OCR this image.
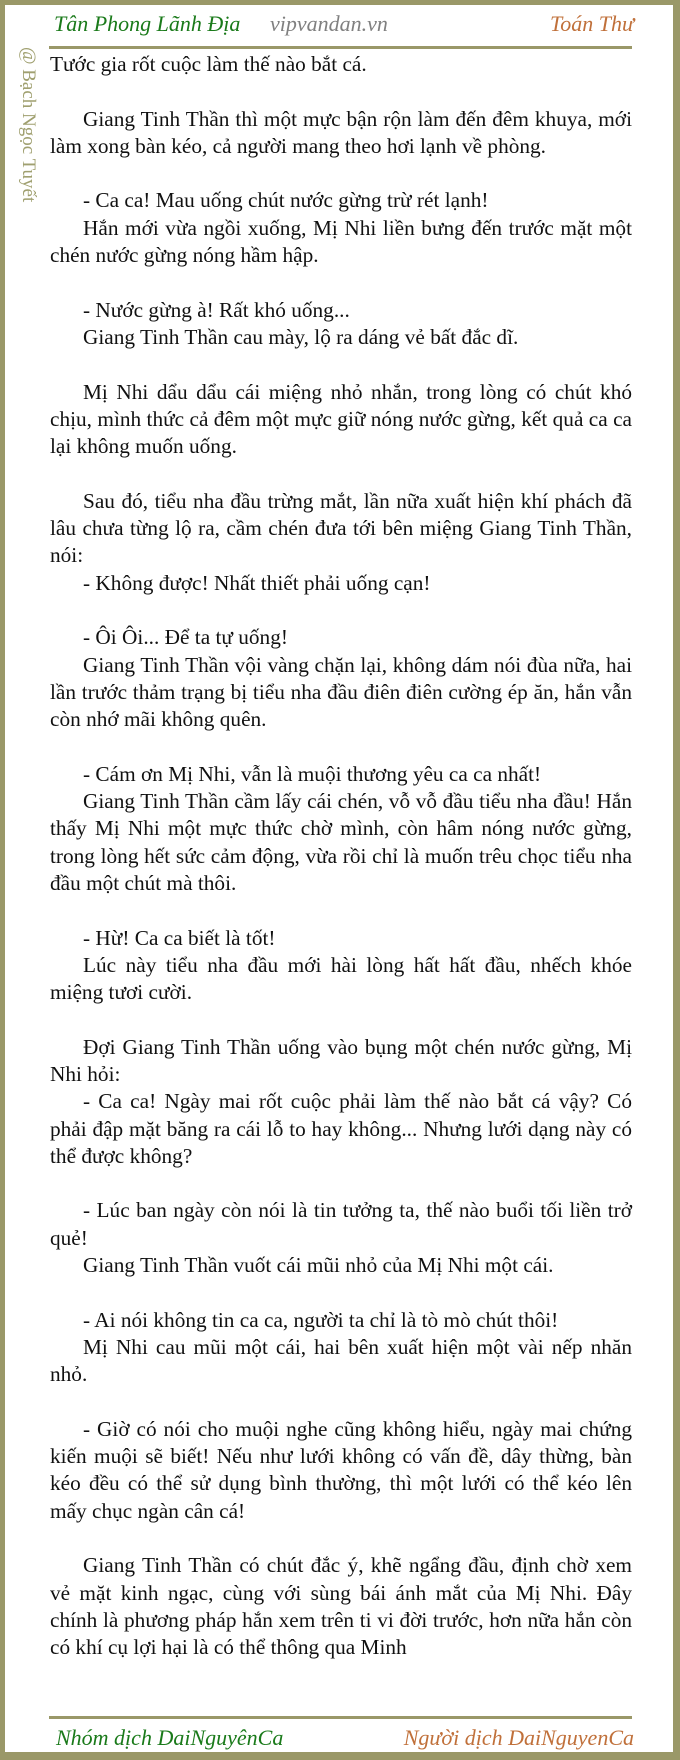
Tân Phong Lãnh Địa vipvandan.vn	Toán Thư
@ Bạch Ngọc Tuyết Tước gia rốt cuộc làm thế nào bắt cá.

Giang Tinh Thần thì một mực bận rộn làm đến đêm khuya, mới làm xong bàn kéo, cả người mang theo hơi lạnh về phòng.

- Ca ca! Mau uống chút nước gừng trừ rét lạnh!

Hắn mới vừa ngồi xuống, Mị Nhi liền bưng đến trước mặt một chén nước gừng nóng hầm hập.

- Nước gừng à! Rất khó uống...

Giang Tinh Thần cau mày, lộ ra dáng vẻ bất đắc dĩ.

Mị Nhi dẩu dẩu cái miệng nhỏ nhắn, trong lòng có chút khó chịu, mình thức cả đêm một mực giữ nóng nước gừng, kết quả ca ca lại không muốn uống.

Sau đó, tiểu nha đầu trừng mắt, lần nữa xuất hiện khí phách đã lâu chưa từng lộ ra, cầm chén đưa tới bên miệng Giang Tinh Thần, nói:

- Không được! Nhất thiết phải uống cạn!

- Ôi Ôi... Để ta tự uống!

Giang Tinh Thần vội vàng chặn lại, không dám nói đùa nữa, hai lần trước thảm trạng bị tiểu nha đầu điên điên cường ép ăn, hắn vẫn còn nhớ mãi không quên.

- Cám ơn Mị Nhi, vẫn là muội thương yêu ca ca nhất!

Giang Tinh Thần cầm lấy cái chén, vỗ vỗ đầu tiểu nha đầu! Hắn thấy Mị Nhi một mực thức chờ mình, còn hâm nóng nước gừng, trong lòng hết sức cảm động, vừa rồi chỉ là muốn trêu chọc tiểu nha đầu một chút mà thôi.

- Hừ! Ca ca biết là tốt!

Lúc này tiểu nha đầu mới hài lòng hất hất đầu, nhếch khóe miệng tươi cười.

Đợi Giang Tinh Thần uống vào bụng một chén nước gừng, Mị Nhi hỏi:

- Ca ca! Ngày mai rốt cuộc phải làm thế nào bắt cá vậy? Có phải đập mặt băng ra cái lỗ to hay không... Nhưng lưới dạng này có thể được không?

- Lúc ban ngày còn nói là tin tưởng ta, thế nào buổi tối liền trở quẻ!

Giang Tinh Thần vuốt cái mũi nhỏ của Mị Nhi một cái.

- Ai nói không tin ca ca, người ta chỉ là tò mò chút thôi!

Mị Nhi cau mũi một cái, hai bên xuất hiện một vài nếp nhăn nhỏ.

- Giờ có nói cho muội nghe cũng không hiểu, ngày mai chứng kiến muội sẽ biết! Nếu như lưới không có vấn đề, dây thừng, bàn kéo đều có thể sử dụng bình thường, thì một lưới có thể kéo lên mấy chục ngàn cân cá!

Giang Tinh Thần có chút đắc ý, khẽ ngẩng đầu, định chờ xem vẻ mặt kinh ngạc, cùng với sùng bái ánh mắt của Mị Nhi. Đây chính là phương pháp hắn xem trên ti vi đời trước, hơn nữa hắn còn có khí cụ lợi hại là có thể thông qua Minh

Nhóm dịch DaiNguyênCa	Người dịch DaiNguyenCa
